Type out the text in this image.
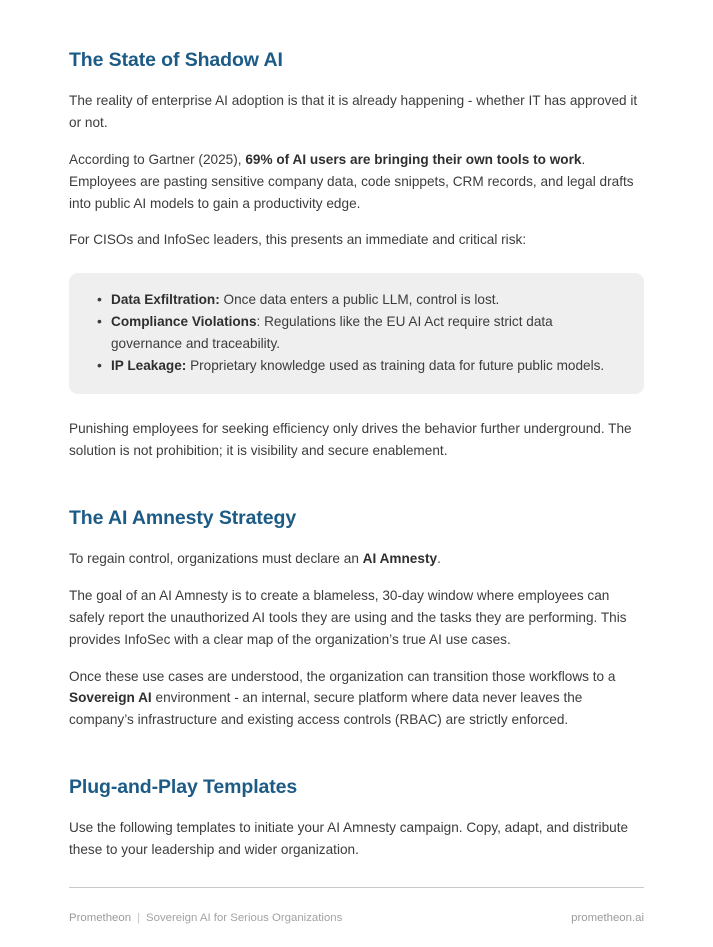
The State of Shadow AI

The reality of enterprise AI adoption is that it is already happening - whether IT has approved it or not.

According to Gartner (2025), 69% of AI users are bringing their own tools to work. Employees are pasting sensitive company data, code snippets, CRM records, and legal drafts into public AI models to gain a productivity edge.

For CISOs and InfoSec leaders, this presents an immediate and critical risk:

• Data Exfiltration: Once data enters a public LLM, control is lost.
• Compliance Violations: Regulations like the EU AI Act require strict data governance and traceability.
• IP Leakage: Proprietary knowledge used as training data for future public models.

Punishing employees for seeking efficiency only drives the behavior further underground. The solution is not prohibition; it is visibility and secure enablement.

The AI Amnesty Strategy

To regain control, organizations must declare an AI Amnesty.

The goal of an AI Amnesty is to create a blameless, 30-day window where employees can safely report the unauthorized AI tools they are using and the tasks they are performing. This provides InfoSec with a clear map of the organization’s true AI use cases.

Once these use cases are understood, the organization can transition those workflows to a Sovereign AI environment - an internal, secure platform where data never leaves the company’s infrastructure and existing access controls (RBAC) are strictly enforced.

Plug-and-Play Templates

Use the following templates to initiate your AI Amnesty campaign. Copy, adapt, and distribute these to your leadership and wider organization.

Prometheon | Sovereign AI for Serious Organizations	prometheon.ai
